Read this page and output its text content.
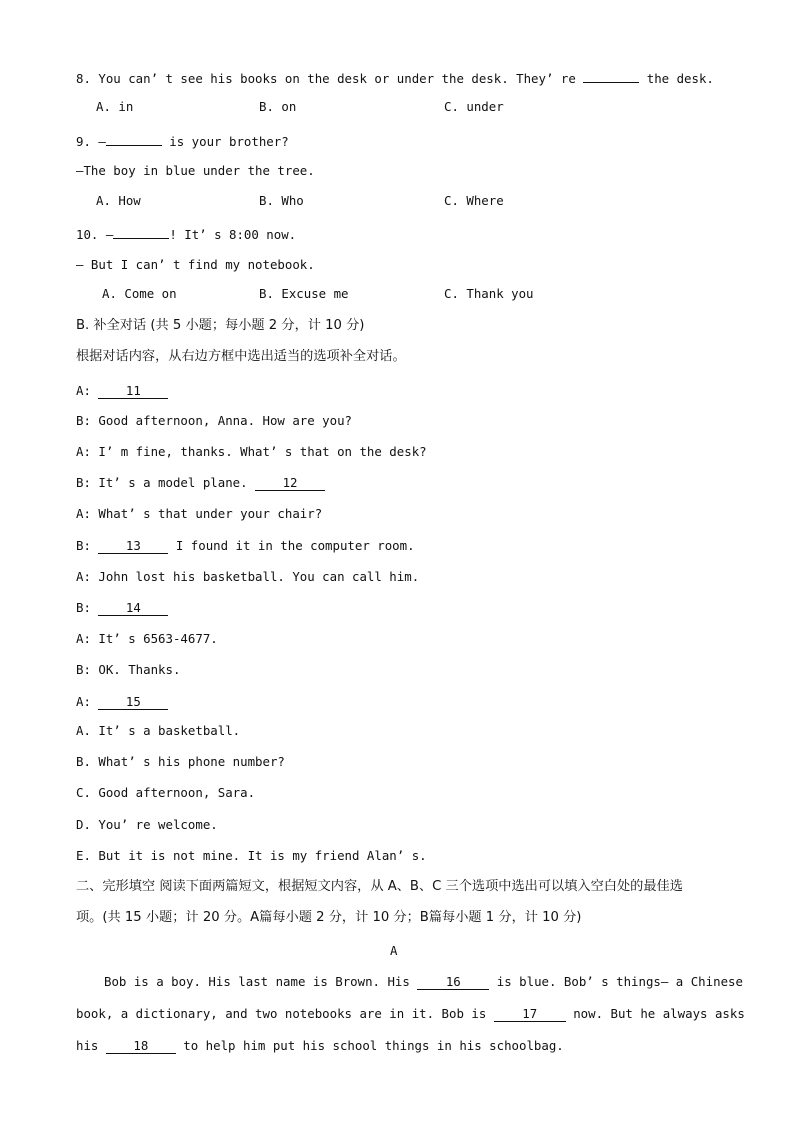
8. You can’ t see his books on the desk or under the desk. They’ re	the desk.
A. in	B. on	C. under
9. —	is your brother?
—The boy in blue under the tree.
A. How	B. Who	C. Where
10. —	! It’ s 8:00 now.
— But I can’ t find my notebook.
A. Come on	B. Excuse me	C. Thank you
B. 补全对话 (共 5 小题；每小题 2 分，计 10 分)
根据对话内容，从右边方框中选出适当的选项补全对话。
A: 11
B: Good afternoon, Anna. How are you?
A: I’ m fine, thanks. What’ s that on the desk?
B: It’ s a model plane. 12
A: What’ s that under your chair?
B: 13 I found it in the computer room.
A: John lost his basketball. You can call him.
B: 14
A: It’ s 6563-4677.
B: OK. Thanks.
A: 15
A. It’ s a basketball.
B. What’ s his phone number?
C. Good afternoon, Sara.
D. You’ re welcome.
E. But it is not mine. It is my friend Alan’ s.
二、完形填空 阅读下面两篇短文，根据短文内容，从 A、B、C 三个选项中选出可以填入空白处的最佳选
项。(共 15 小题；计 20 分。A篇每小题 2 分，计 10 分；B篇每小题 1 分，计 10 分)
A
Bob is a boy. His last name is Brown. His 16 is blue. Bob’ s things— a Chinese
book, a dictionary, and two notebooks are in it. Bob is 17 now. But he always asks
his 18 to help him put his school things in his schoolbag.
